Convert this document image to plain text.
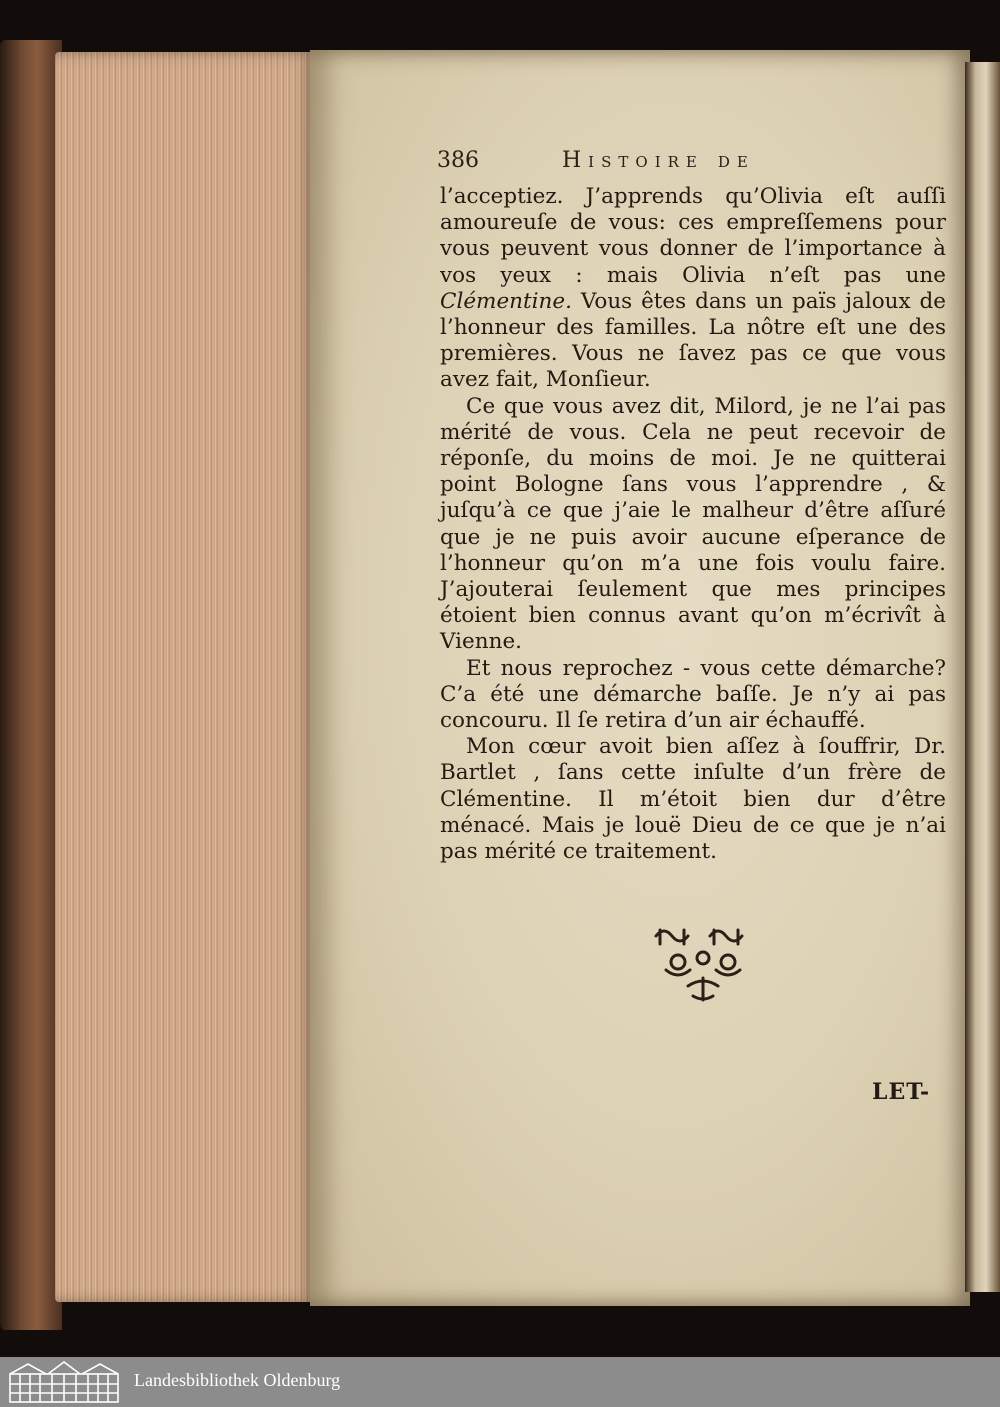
386	Histoire de

l’acceptiez. J’apprends qu’Olivia eſt auſſi amoureuſe de vous: ces empreſſemens pour vous peuvent vous donner de l’importance à vos yeux : mais Olivia n’eſt pas une Clémentine. Vous êtes dans un païs jaloux de l’honneur des familles. La nôtre eſt une des premières. Vous ne ſavez pas ce que vous avez fait, Monſieur.

Ce que vous avez dit, Milord, je ne l’ai pas mérité de vous. Cela ne peut recevoir de réponſe, du moins de moi. Je ne quitterai point Bologne ſans vous l’apprendre , & juſqu’à ce que j’aie le malheur d’être aſſuré que je ne puis avoir aucune eſperance de l’honneur qu’on m’a une fois voulu faire. J’ajouterai ſeulement que mes principes étoient bien connus avant qu’on m’écrivît à Vienne.

Et nous reprochez - vous cette démarche? C’a été une démarche baſſe. Je n’y ai pas concouru. Il ſe retira d’un air échauffé.

Mon cœur avoit bien aſſez à ſouffrir, Dr. Bartlet , ſans cette inſulte d’un frère de Clémentine. Il m’étoit bien dur d’être ménacé. Mais je louë Dieu de ce que je n’ai pas mérité ce traitement.

LET-
Landesbibliothek Oldenburg
